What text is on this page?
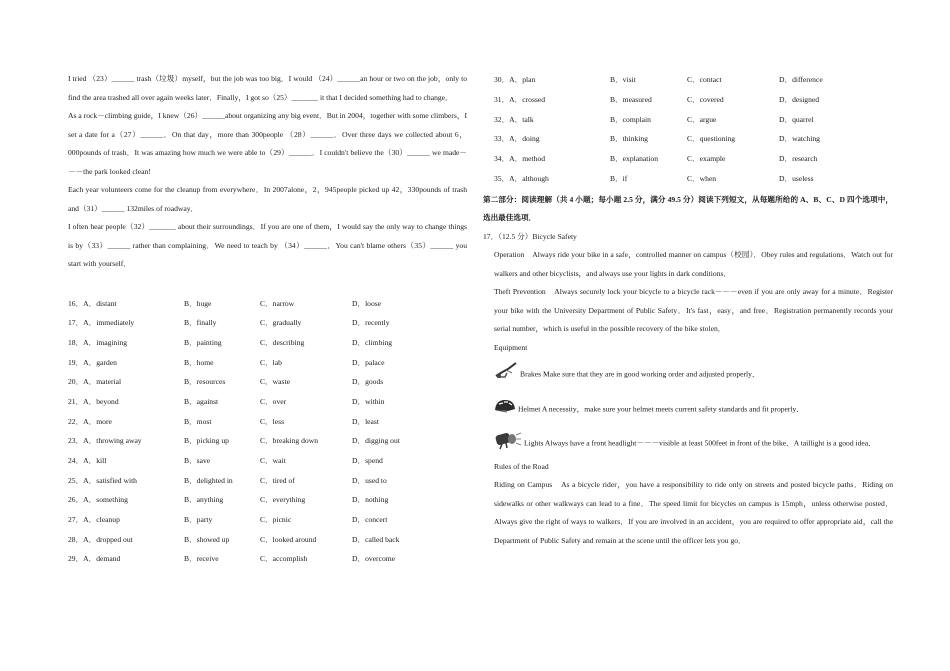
I tried （23）______ trash（垃圾）myself，but the job was too big．I would （24）______an hour or two on the job，only to find the area trashed all over again weeks later．Finally，I got so（25）_______ it that I decided something had to change．

As a rock－climbing guide，I knew（26）______about organizing any big event．But in 2004，together with some climbers，I set a date for a（27）______．On that day，more than 300people （28）______．Over three days we collected about 6，000pounds of trash．It was amazing how much we were able to（29）______．I couldn't believe the（30）______ we made－－－the park looked clean!

Each year volunteers come for the cleanup from everywhere．In 2007alone，2，945people picked up 42，330pounds of trash and（31）______ 132miles of roadway．

I often hear people（32）_______ about their surroundings．If you are one of them，I would say the only way to change things is by（33）______ rather than complaining．We need to teach by （34）______．You can't blame others（35）______ you start with yourself．

16．A．distant	B．huge	C．narrow	D．loose
17．A．immediately	B．finally	C．gradually	D．recently
18．A．imagining	B．painting	C．describing	D．climbing
19．A．garden	B．home	C．lab	D．palace
20．A．material	B．resources	C．waste	D．goods
21．A．beyond	B．against	C．over	D．within
22．A．more	B．most	C．less	D．least
23．A．throwing away	B．picking up	C．breaking down	D．digging out
24．A．kill	B．save	C．wait	D．spend
25．A．satisfied with	B．delighted in	C．tired of	D．used to
26．A．something	B．anything	C．everything	D．nothing
27．A．cleanup	B．party	C．picnic	D．concert
28．A．dropped out	B．showed up	C．looked around	D．called back
29．A．demand	B．receive	C．accomplish	D．overcome
30．A．plan	B．visit	C．contact	D．difference
31．A．crossed	B．measured	C．covered	D．designed
32．A．talk	B．complain	C．argue	D．quarrel
33．A．doing	B．thinking	C．questioning	D．watching
34．A．method	B．explanation	C．example	D．research
35．A．although	B．if	C．when	D．useless
第二部分：阅读理解（共 4 小题；每小题 2.5 分，满分 49.5 分）阅读下列短文，从每题所给的 A、B、C、D 四个选项中，选出最佳选项．
17．（12.5 分）Bicycle Safety

Operation　Always ride your bike in a safe，controlled manner on campus（校园）．Obey rules and regulations．Watch out for walkers and other bicyclists，and always use your lights in dark conditions．

Theft Prevention　Always securely lock your bicycle to a bicycle rack－－－even if you are only away for a minute．Register your bike with the University Department of Public Safety．It's fast，easy，and free．Registration permanently records your serial number，which is useful in the possible recovery of the bike stolen．

Equipment
Brakes Make sure that they are in good working order and adjusted properly．
Helmet A necessity，make sure your helmet meets current safety standards and fit properly．
Lights Always have a front headlight－－－visible at least 500feet in front of the bike．A taillight is a good idea．
Rules of the Road

Riding on Campus　As a bicycle rider，you have a responsibility to ride only on streets and posted bicycle paths．Riding on sidewalks or other walkways can lead to a fine．The speed limit for bicycles on campus is 15mph，unless otherwise posted．Always give the right of ways to walkers．If you are involved in an accident，you are required to offer appropriate aid，call the Department of Public Safety and remain at the scene until the officer lets you go．
